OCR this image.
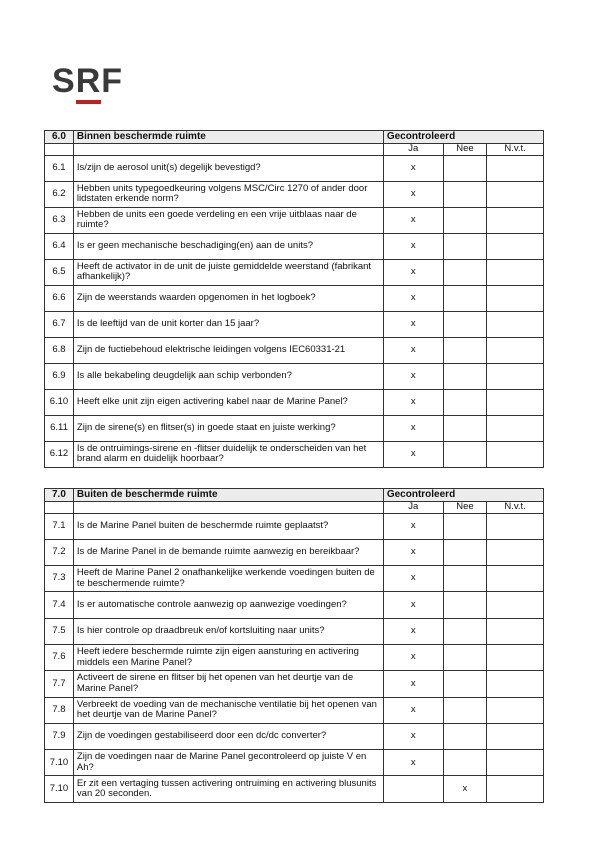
SRF
6.0	Binnen beschermde ruimte	Gecontroleerd		
		Ja	Nee	N.v.t.
6.1	Is/zijn de aerosol unit(s) degelijk bevestigd?	x		
6.2	Hebben units typegoedkeuring volgens MSC/Circ 1270 of ander door lidstaten erkende norm?	x		
6.3	Hebben de units een goede verdeling en een vrije uitblaas naar de ruimte?	x		
6.4	Is er geen mechanische beschadiging(en) aan de units?	x		
6.5	Heeft de activator in de unit de juiste gemiddelde weerstand (fabrikant afhankelijk)?	x		
6.6	Zijn de weerstands waarden opgenomen in het logboek?	x		
6.7	Is de leeftijd van de unit korter dan 15 jaar?	x		
6.8	Zijn de fuctiebehoud elektrische leidingen volgens IEC60331-21	x		
6.9	Is alle bekabeling deugdelijk aan schip verbonden?	x		
6.10	Heeft elke unit zijn eigen activering kabel naar de Marine Panel?	x		
6.11	Zijn de sirene(s) en flitser(s) in goede staat en juiste werking?	x		
6.12	Is de ontruimings-sirene en -flitser duidelijk te onderscheiden van het brand alarm en duidelijk hoorbaar?	x		
7.0	Buiten de beschermde ruimte	Gecontroleerd		
		Ja	Nee	N.v.t.
7.1	Is de Marine Panel buiten de beschermde ruimte geplaatst?	x		
7.2	Is de Marine Panel in de bemande ruimte aanwezig en bereikbaar?	x		
7.3	Heeft de Marine Panel 2 onafhankelijke werkende voedingen buiten de te beschermende ruimte?	x		
7.4	Is er automatische controle aanwezig op aanwezige voedingen?	x		
7.5	Is hier controle op draadbreuk en/of kortsluiting naar units?	x		
7.6	Heeft iedere beschermde ruimte zijn eigen aansturing en activering middels een Marine Panel?	x		
7.7	Activeert de sirene en flitser bij het openen van het deurtje van de Marine Panel?	x		
7.8	Verbreekt de voeding van de mechanische ventilatie bij het openen van het deurtje van de Marine Panel?	x		
7.9	Zijn de voedingen gestabiliseerd door een dc/dc converter?	x		
7.10	Zijn de voedingen naar de Marine Panel gecontroleerd op juiste V en Ah?	x		
7.10	Er zit een vertaging tussen activering ontruiming en activering blusunits van 20 seconden.		x	
